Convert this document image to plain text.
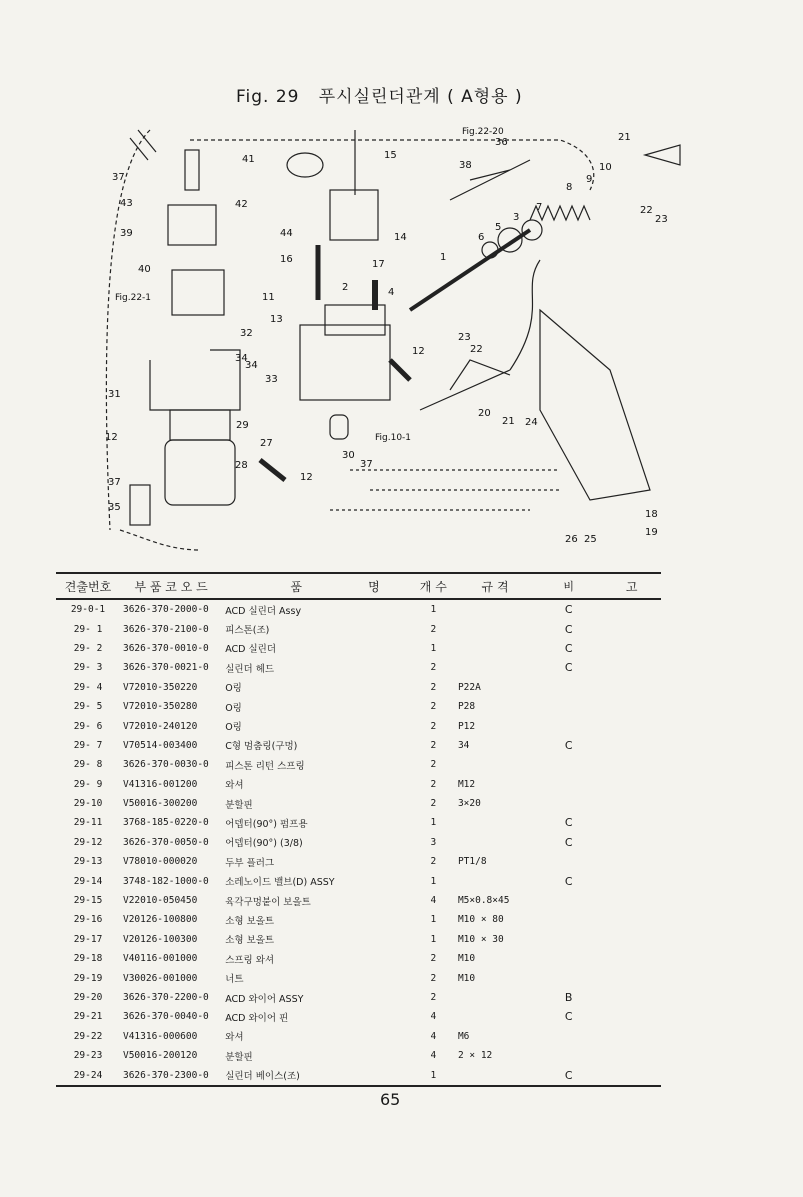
Fig. 29 푸시실린더관계 ( A형용 )
41	15
42
44	14
16	17
11
2	4
13
32
34
34
33
31
12
29
27
28
37
35
12
30
37
37
43
39
40
1
6
5
3
7
8
9
10
21
22
23
36
38
23
22
12
20
21 24
18
19
26 25
Fig.22-20
Fig.22-1
Fig.10-1
견출번호	부 품 코 오 드	품 명	개 수	규 격	비	고
29-0-1	3626-370-2000-0	ACD 실린더 Assy	1		C	
29- 1	3626-370-2100-0	피스톤(조)	2		C	
29- 2	3626-370-0010-0	ACD 실린더	1		C	
29- 3	3626-370-0021-0	실린더 헤드	2		C	
29- 4	V72010-350220	O링	2	P22A		
29- 5	V72010-350280	O링	2	P28		
29- 6	V72010-240120	O링	2	P12		
29- 7	V70514-003400	C형 멈춤링(구멍)	2	34	C	
29- 8	3626-370-0030-0	피스톤 리턴 스프링	2			
29- 9	V41316-001200	와셔	2	M12		
29-10	V50016-300200	분할핀	2	3×20		
29-11	3768-185-0220-0	어뎁터(90°) 펌프용	1		C	
29-12	3626-370-0050-0	어뎁터(90°) (3/8)	3		C	
29-13	V78010-000020	두부 플러그	2	PT1/8		
29-14	3748-182-1000-0	소레노이드 밸브(D) ASSY	1		C	
29-15	V22010-050450	육각구멍붙이 보올트	4	M5×0.8×45		
29-16	V20126-100800	소형 보올트	1	M10 × 80		
29-17	V20126-100300	소형 보올트	1	M10 × 30		
29-18	V40116-001000	스프링 와셔	2	M10		
29-19	V30026-001000	너트	2	M10		
29-20	3626-370-2200-0	ACD 와이어 ASSY	2		B	
29-21	3626-370-0040-0	ACD 와이어 핀	4		C	
29-22	V41316-000600	와셔	4	M6		
29-23	V50016-200120	분할핀	4	2 × 12		
29-24	3626-370-2300-0	실린더 베이스(조)	1		C	
65
